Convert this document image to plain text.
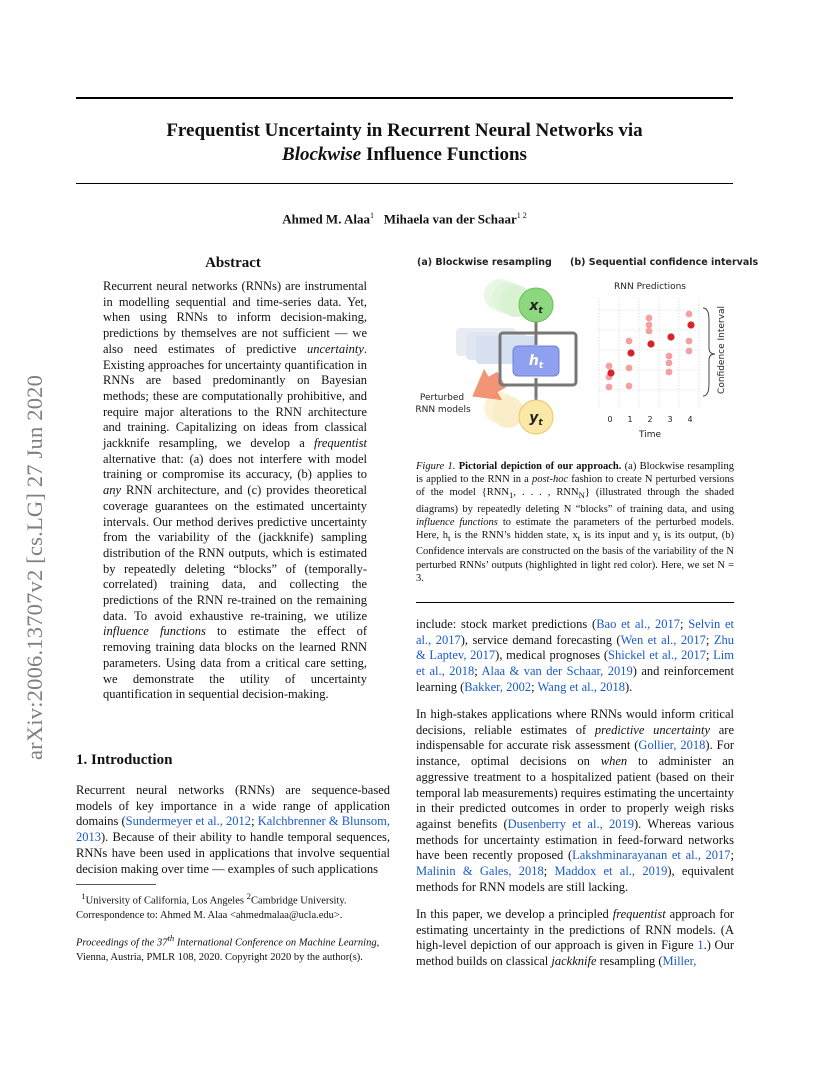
Frequentist Uncertainty in Recurrent Neural Networks via
Blockwise Influence Functions
Ahmed M. Alaa$^1$ Mihaela van der Schaar$^{1 2}$
arXiv:2006.13707v2 [cs.LG] 27 Jun 2020
Abstract
Recurrent neural networks (RNNs) are instrumental in modelling sequential and time-series data. Yet, when using RNNs to inform decision-making, predictions by themselves are not sufficient — we also need estimates of predictive uncertainty. Existing approaches for uncertainty quantification in RNNs are based predominantly on Bayesian methods; these are computationally prohibitive, and require major alterations to the RNN architecture and training. Capitalizing on ideas from classical jackknife resampling, we develop a frequentist alternative that: (a) does not interfere with model training or compromise its accuracy, (b) applies to any RNN architecture, and (c) provides theoretical coverage guarantees on the estimated uncertainty intervals. Our method derives predictive uncertainty from the variability of the (jackknife) sampling distribution of the RNN outputs, which is estimated by repeatedly deleting “blocks” of (temporally-correlated) training data, and collecting the predictions of the RNN re-trained on the remaining data. To avoid exhaustive re-training, we utilize influence functions to estimate the effect of removing training data blocks on the learned RNN parameters. Using data from a critical care setting, we demonstrate the utility of uncertainty quantification in sequential decision-making.
1. Introduction
Recurrent neural networks (RNNs) are sequence-based models of key importance in a wide range of application domains (Sundermeyer et al., 2012; Kalchbrenner & Blunsom, 2013). Because of their ability to handle temporal sequences, RNNs have been used in applications that involve sequential decision making over time — examples of such applications
$^1$University of California, Los Angeles $^2$Cambridge University. Correspondence to: Ahmed M. Alaa <ahmedmalaa@ucla.edu>.
Proceedings of the 37th International Conference on Machine Learning, Vienna, Austria, PMLR 108, 2020. Copyright 2020 by the author(s).
(a) Blockwise resampling (b) Sequential confidence intervals
$x_t$
$h_t$
$y_t$
Perturbed
RNN models
RNN Predictions
Confidence Interval
0 1 2 3 4
Time
Figure 1. Pictorial depiction of our approach. (a) Blockwise resampling is applied to the RNN in a post-hoc fashion to create N perturbed versions of the model {$RNN_1$, . . . , $RNN_N$} (illustrated through the shaded diagrams) by repeatedly deleting N “blocks” of training data, and using influence functions to estimate the parameters of the perturbed models. Here, $h_t$ is the RNN’s hidden state, $x_t$ is its input and $y_t$ is its output, (b) Confidence intervals are constructed on the basis of the variability of the N perturbed RNNs’ outputs (highlighted in light red color). Here, we set N = 3.
include: stock market predictions (Bao et al., 2017; Selvin et al., 2017), service demand forecasting (Wen et al., 2017; Zhu & Laptev, 2017), medical prognoses (Shickel et al., 2017; Lim et al., 2018; Alaa & van der Schaar, 2019) and reinforcement learning (Bakker, 2002; Wang et al., 2018).
In high-stakes applications where RNNs would inform critical decisions, reliable estimates of predictive uncertainty are indispensable for accurate risk assessment (Gollier, 2018). For instance, optimal decisions on when to administer an aggressive treatment to a hospitalized patient (based on their temporal lab measurements) requires estimating the uncertainty in their predicted outcomes in order to properly weigh risks against benefits (Dusenberry et al., 2019). Whereas various methods for uncertainty estimation in feed-forward networks have been recently proposed (Lakshminarayanan et al., 2017; Malinin & Gales, 2018; Maddox et al., 2019), equivalent methods for RNN models are still lacking.
In this paper, we develop a principled frequentist approach for estimating uncertainty in the predictions of RNN models. (A high-level depiction of our approach is given in Figure 1.) Our method builds on classical jackknife resampling (Miller,
